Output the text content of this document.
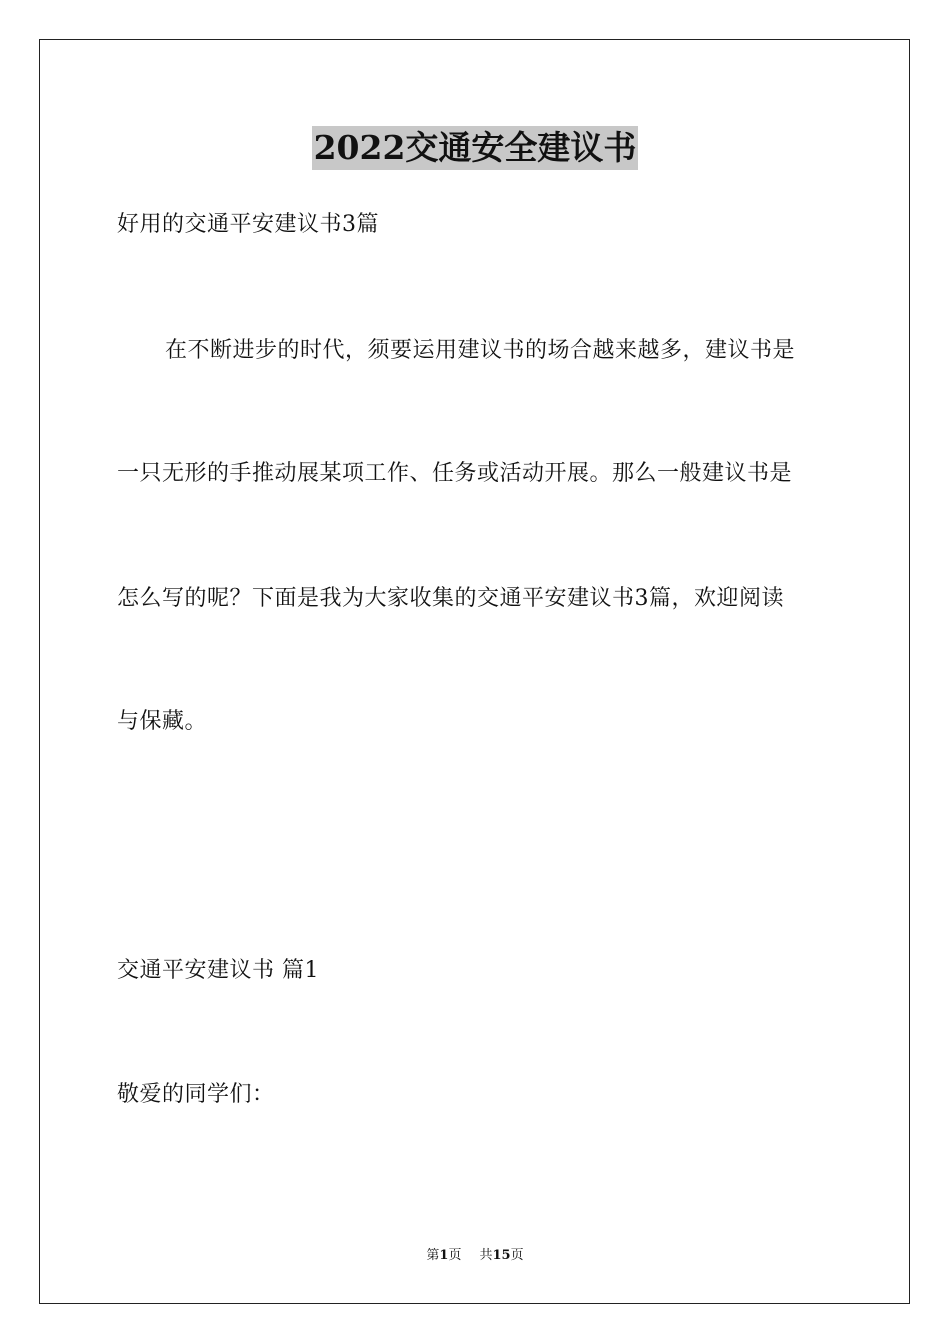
2022交通安全建议书
好用的交通平安建议书3篇
在不断进步的时代，须要运用建议书的场合越来越多，建议书是
一只无形的手推动展某项工作、任务或活动开展。那么一般建议书是
怎么写的呢？下面是我为大家收集的交通平安建议书3篇，欢迎阅读
与保藏。
交通平安建议书 篇1
敬爱的同学们：
第1页 共15页
